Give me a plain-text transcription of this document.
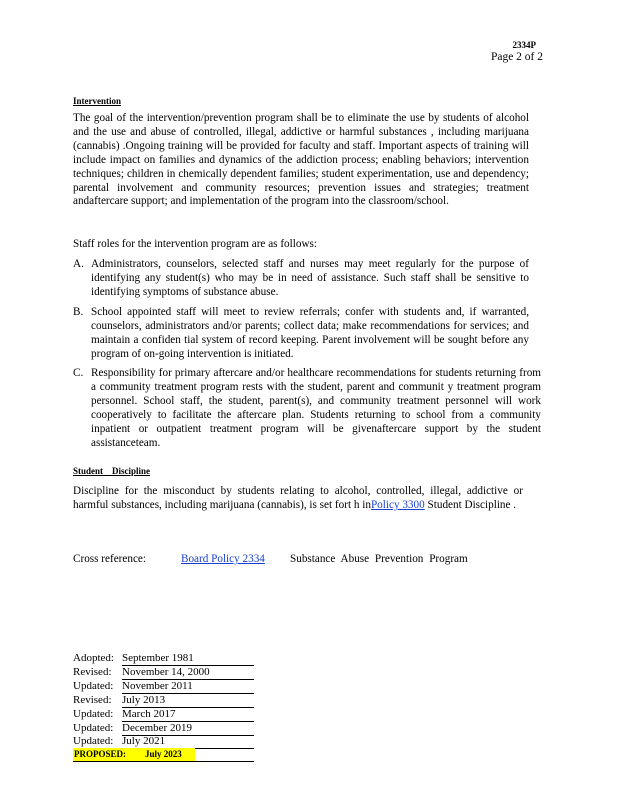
2334P
Page 2 of 2
Intervention
The goal of the intervention/prevention program shall be to eliminate the use by students of alcohol and the use and abuse of controlled, illegal, addictive or harmful substances , including marijuana (cannabis) .Ongoing training will be provided for faculty and staff. Important aspects of training will include impact on families and dynamics of the addiction process; enabling behaviors; intervention techniques; children in chemically dependent families; student experimentation, use and dependency; parental involvement and community resources; prevention issues and strategies; treatment andaftercare support; and implementation of the program into the classroom/school.
Staff roles for the intervention program are as follows:
A. Administrators, counselors, selected staff and nurses may meet regularly for the purpose of identifying any student(s) who may be in need of assistance. Such staff shall be sensitive to identifying symptoms of substance abuse.
B. School appointed staff will meet to review referrals; confer with students and, if warranted, counselors, administrators and/or parents; collect data; make recommendations for services; and maintain a confiden tial system of record keeping. Parent involvement will be sought before any program of on-going intervention is initiated.
C. Responsibility for primary aftercare and/or healthcare recommendations for students returning from a community treatment program rests with the student, parent and communit y treatment program personnel. School staff, the student, parent(s), and community treatment personnel will work cooperatively to facilitate the aftercare plan. Students returning to school from a community inpatient or outpatient treatment program will be givenaftercare support by the student assistanceteam.
Student    Discipline
Discipline for the misconduct by students relating to alcohol, controlled, illegal, addictive or harmful substances, including marijuana (cannabis), is set fort h inPolicy 3300 Student Discipline .
Cross reference:	Board Policy 2334 Substance Abuse Prevention Program
Adopted: September 1981
Revised: November 14, 2000
Updated: November 2011
Revised: July 2013
Updated: March 2017
Updated: December 2019
Updated: July 2021
PROPOSED: July 2023
